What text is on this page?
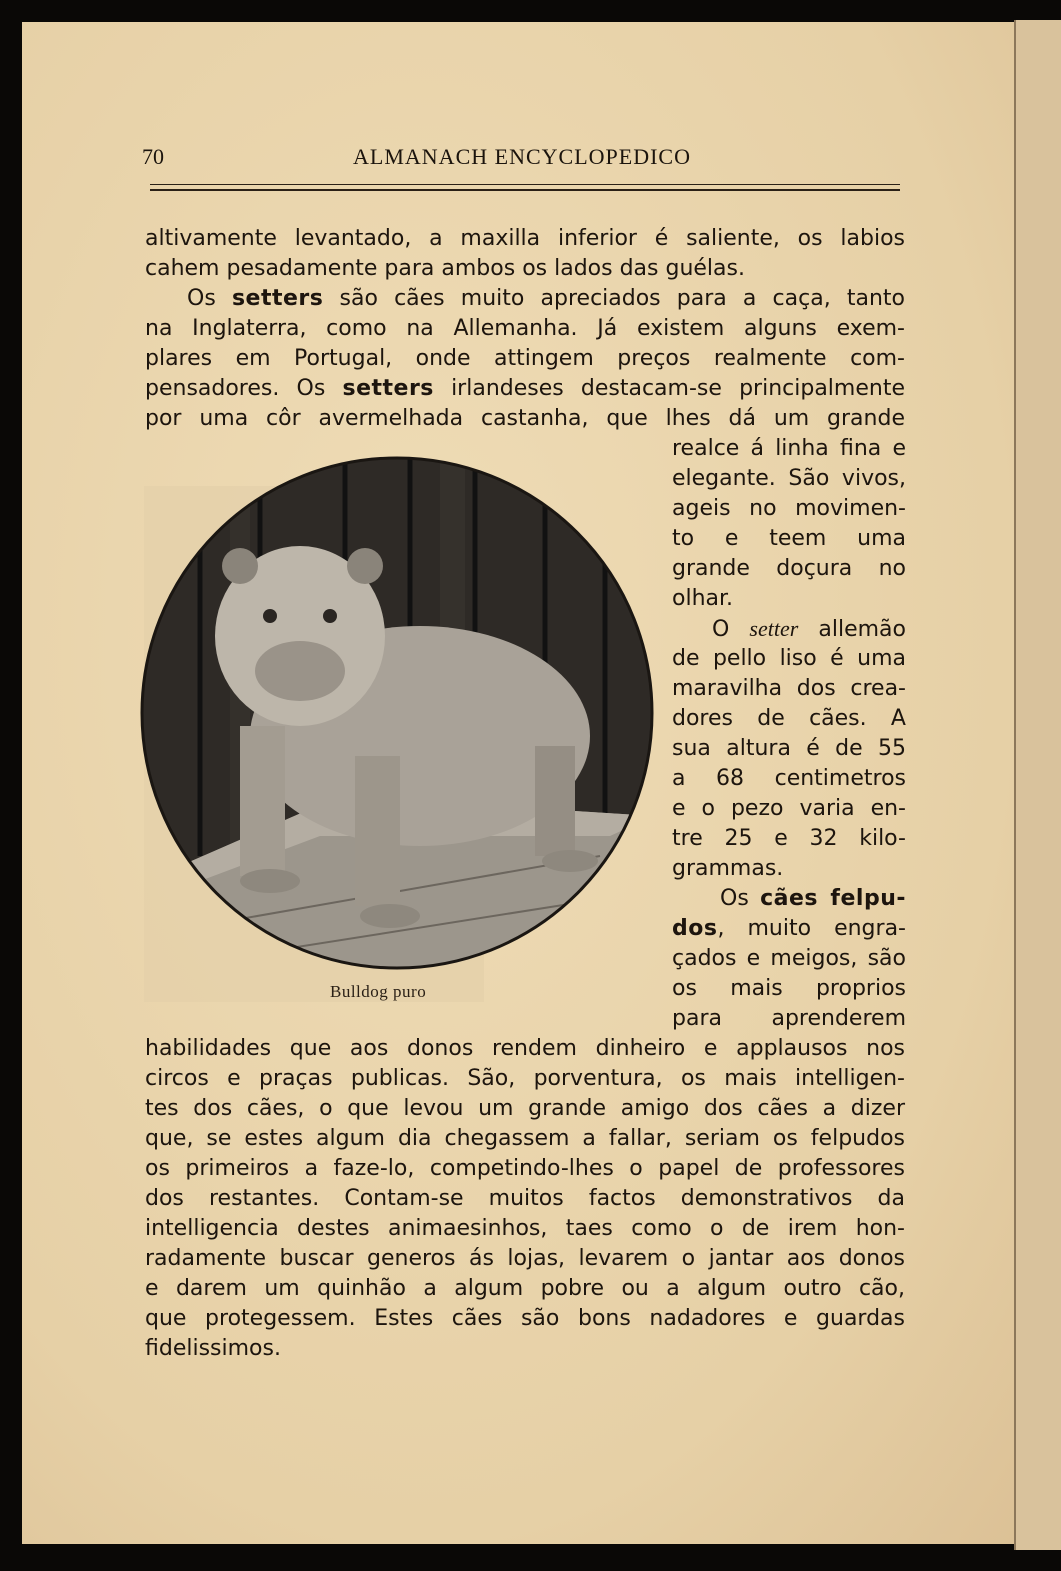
70	ALMANACH ENCYCLOPEDICO
altivamente levantado, a maxilla inferior é saliente, os labios
cahem pesadamente para ambos os lados das guélas.
Os setters são cães muito apreciados para a caça, tanto
na Inglaterra, como na Allemanha. Já existem alguns exem-
plares em Portugal, onde attingem preços realmente com-
pensadores. Os setters irlandeses destacam-se principalmente
por uma côr avermelhada castanha, que lhes dá um grande
Bulldog puro
realce á linha fina e
elegante. São vivos,
ageis no movimen-
to e teem uma
grande doçura no
olhar.
O setter allemão
de pello liso é uma
maravilha dos crea-
dores de cães. A
sua altura é de 55
a 68 centimetros
e o pezo varia en-
tre 25 e 32 kilo-
grammas.
Os cães felpu-
dos, muito engra-
çados e meigos, são
os mais proprios
para aprenderem
habilidades que aos donos rendem dinheiro e applausos nos
circos e praças publicas. São, porventura, os mais intelligen-
tes dos cães, o que levou um grande amigo dos cães a dizer
que, se estes algum dia chegassem a fallar, seriam os felpudos
os primeiros a faze-lo, competindo-lhes o papel de professores
dos restantes. Contam-se muitos factos demonstrativos da
intelligencia destes animaesinhos, taes como o de irem hon-
radamente buscar generos ás lojas, levarem o jantar aos donos
e darem um quinhão a algum pobre ou a algum outro cão,
que protegessem. Estes cães são bons nadadores e guardas
fidelissimos.
